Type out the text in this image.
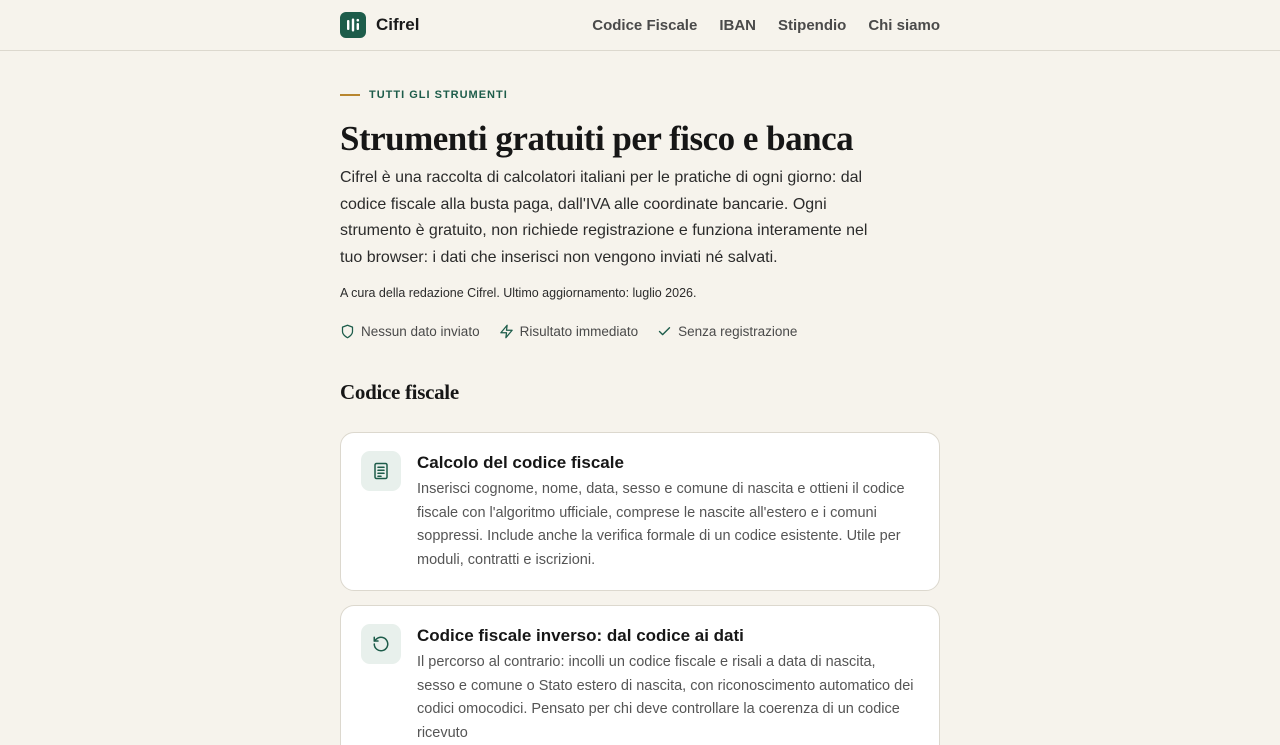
Cifrel	Codice Fiscale IBAN Stipendio Chi siamo
TUTTI GLI STRUMENTI
Strumenti gratuiti per fisco e banca

Cifrel è una raccolta di calcolatori italiani per le pratiche di ogni giorno: dal codice fiscale alla busta paga, dall'IVA alle coordinate bancarie. Ogni strumento è gratuito, non richiede registrazione e funziona interamente nel tuo browser: i dati che inserisci non vengono inviati né salvati.

A cura della redazione Cifrel. Ultimo aggiornamento: luglio 2026.

Nessun dato inviato	Risultato immediato	Senza registrazione
Codice fiscale
Calcolo del codice fiscale
Inserisci cognome, nome, data, sesso e comune di nascita e ottieni il codice fiscale con l'algoritmo ufficiale, comprese le nascite all'estero e i comuni soppressi. Include anche la verifica formale di un codice esistente. Utile per moduli, contratti e iscrizioni.
Codice fiscale inverso: dal codice ai dati
Il percorso al contrario: incolli un codice fiscale e risali a data di nascita, sesso e comune o Stato estero di nascita, con riconoscimento automatico dei codici omocodici. Pensato per chi deve controllare la coerenza di un codice ricevuto
